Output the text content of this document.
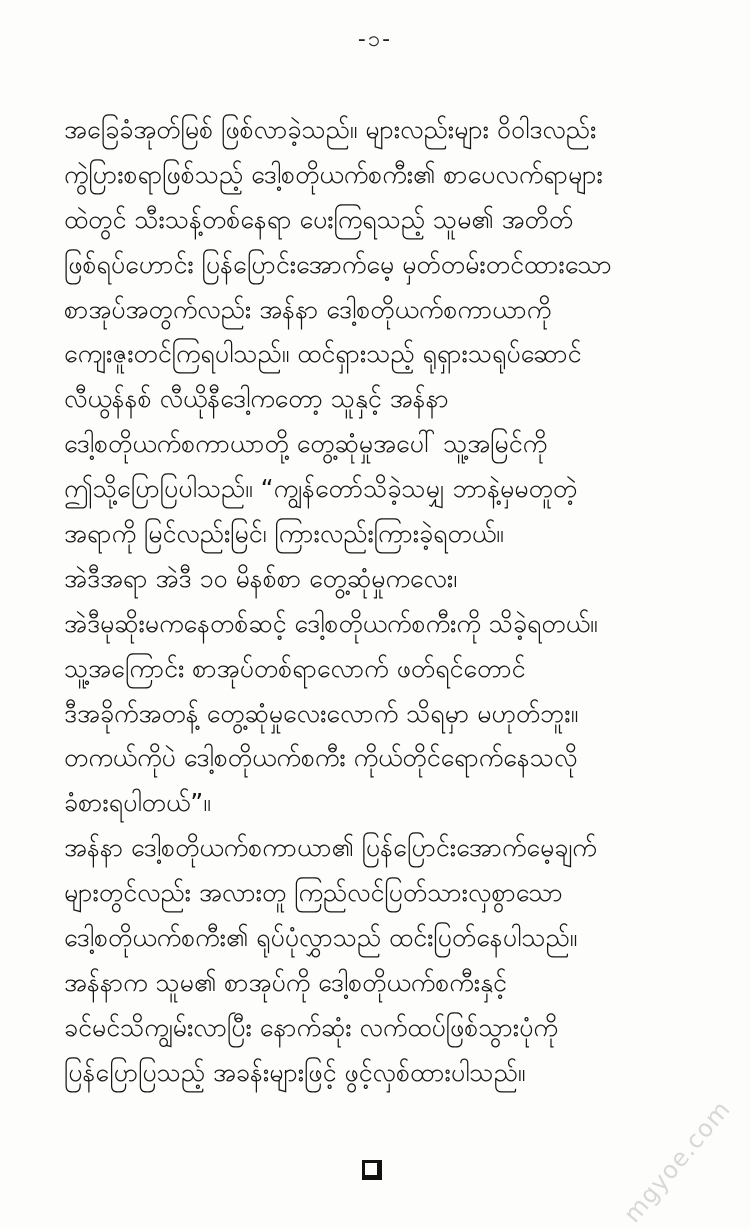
-၁-
အခြေခံအုတ်မြစ် ဖြစ်လာခဲ့သည်။ များလည်းများ ဝိဝါဒလည်း
ကွဲပြားစရာဖြစ်သည့် ဒေါ့စတိုယက်စကီး၏ စာပေလက်ရာများ
ထဲတွင် သီးသန့်တစ်နေရာ ပေးကြရသည့် သူမ၏ အတိတ်
ဖြစ်ရပ်ဟောင်း ပြန်ပြောင်းအောက်မေ့ မှတ်တမ်းတင်ထားသော
စာအုပ်အတွက်လည်း အန်နာ ဒေါ့စတိုယက်စကာယာကို
ကျေးဇူးတင်ကြရပါသည်။ ထင်ရှားသည့် ရုရှားသရုပ်ဆောင်
လီယွန်နစ် လီယိုနီဒေါ့ကတော့ သူနှင့် အန်နာ
ဒေါ့စတိုယက်စကာယာတို့ တွေ့ဆုံမှုအပေါ် သူ့အမြင်ကို
ဤသို့ပြောပြပါသည်။ “ကျွန်တော်သိခဲ့သမျှ ဘာနဲ့မှမတူတဲ့
အရာကို မြင်လည်းမြင်၊ ကြားလည်းကြားခဲ့ရတယ်။
အဲဒီအရာ အဲဒီ ၁၀ မိနစ်စာ တွေ့ဆုံမှုကလေး၊
အဲဒီမုဆိုးမကနေတစ်ဆင့် ဒေါ့စတိုယက်စကီးကို သိခဲ့ရတယ်။
သူ့အကြောင်း စာအုပ်တစ်ရာလောက် ဖတ်ရင်တောင်
ဒီအခိုက်အတန့် တွေ့ဆုံမှုလေးလောက် သိရမှာ မဟုတ်ဘူး။
တကယ်ကိုပဲ ဒေါ့စတိုယက်စကီး ကိုယ်တိုင်ရောက်နေသလို
ခံစားရပါတယ်”။
အန်နာ ဒေါ့စတိုယက်စကာယာ၏ ပြန်ပြောင်းအောက်မေ့ချက်
များတွင်လည်း အလားတူ ကြည်လင်ပြတ်သားလှစွာသော
ဒေါ့စတိုယက်စကီး၏ ရုပ်ပုံလွှာသည် ထင်းပြတ်နေပါသည်။
အန်နာက သူမ၏ စာအုပ်ကို ဒေါ့စတိုယက်စကီးနှင့်
ခင်မင်သိကျွမ်းလာပြီး နောက်ဆုံး လက်ထပ်ဖြစ်သွားပုံကို
ပြန်ပြောပြသည့် အခန်းများဖြင့် ဖွင့်လှစ်ထားပါသည်။
mgyoe.com
